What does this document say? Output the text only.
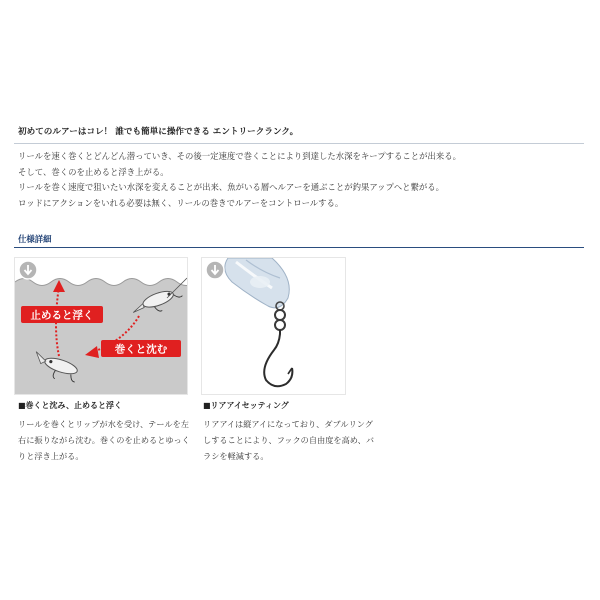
初めてのルアーはコレ！ 誰でも簡単に操作できる エントリークランク。

リールを速く巻くとどんどん潜っていき、その後一定速度で巻くことにより到達した水深をキープすることが出来る。

そして、巻くのを止めると浮き上がる。

リールを巻く速度で狙いたい水深を変えることが出来、魚がいる層へルアーを通ぶことが釣果アップへと繋がる。

ロッドにアクションをいれる必要は無く、リールの巻きでルアーをコントロールする。

仕様詳細
止めると浮く
巻くと沈む
■巻くと沈み、止めると浮く

リールを巻くとリップが水を受け、テールを左

右に振りながら沈む。巻くのを止めるとゆっく

りと浮き上がる。

■リアアイセッティング

リアアイは縦アイになっており、ダブルリング

しすることにより、フックの自由度を高め、バ

ラシを軽減する。
